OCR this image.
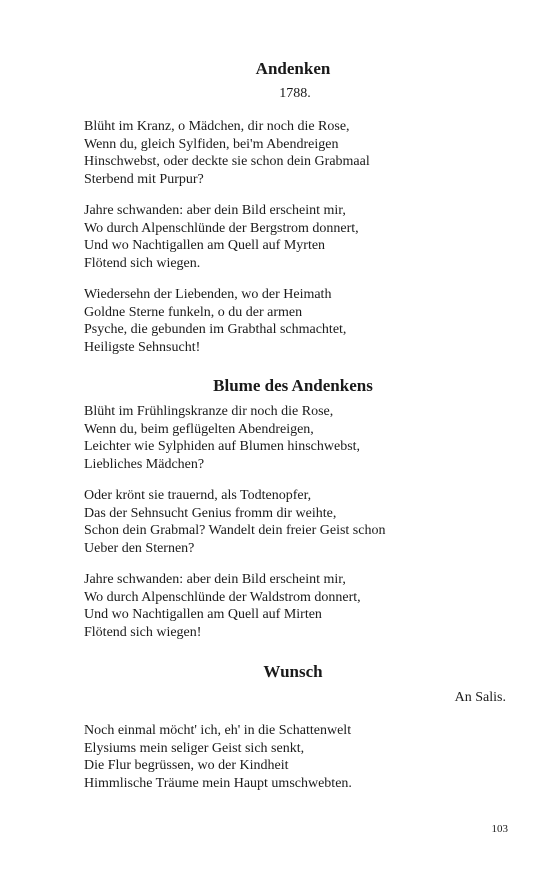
Andenken
1788.
Blüht im Kranz, o Mädchen, dir noch die Rose,
Wenn du, gleich Sylfiden, bei'm Abendreigen
Hinschwebst, oder deckte sie schon dein Grabmaal
Sterbend mit Purpur?
Jahre schwanden: aber dein Bild erscheint mir,
Wo durch Alpenschlünde der Bergstrom donnert,
Und wo Nachtigallen am Quell auf Myrten
Flötend sich wiegen.
Wiedersehn der Liebenden, wo der Heimath
Goldne Sterne funkeln, o du der armen
Psyche, die gebunden im Grabthal schmachtet,
Heiligste Sehnsucht!
Blume des Andenkens
Blüht im Frühlingskranze dir noch die Rose,
Wenn du, beim geflügelten Abendreigen,
Leichter wie Sylphiden auf Blumen hinschwebst,
Liebliches Mädchen?
Oder krönt sie trauernd, als Todtenopfer,
Das der Sehnsucht Genius fromm dir weihte,
Schon dein Grabmal? Wandelt dein freier Geist schon
Ueber den Sternen?
Jahre schwanden: aber dein Bild erscheint mir,
Wo durch Alpenschlünde der Waldstrom donnert,
Und wo Nachtigallen am Quell auf Mirten
Flötend sich wiegen!
Wunsch
An Salis.
Noch einmal möcht' ich, eh' in die Schattenwelt
Elysiums mein seliger Geist sich senkt,
Die Flur begrüssen, wo der Kindheit
Himmlische Träume mein Haupt umschwebten.
103
